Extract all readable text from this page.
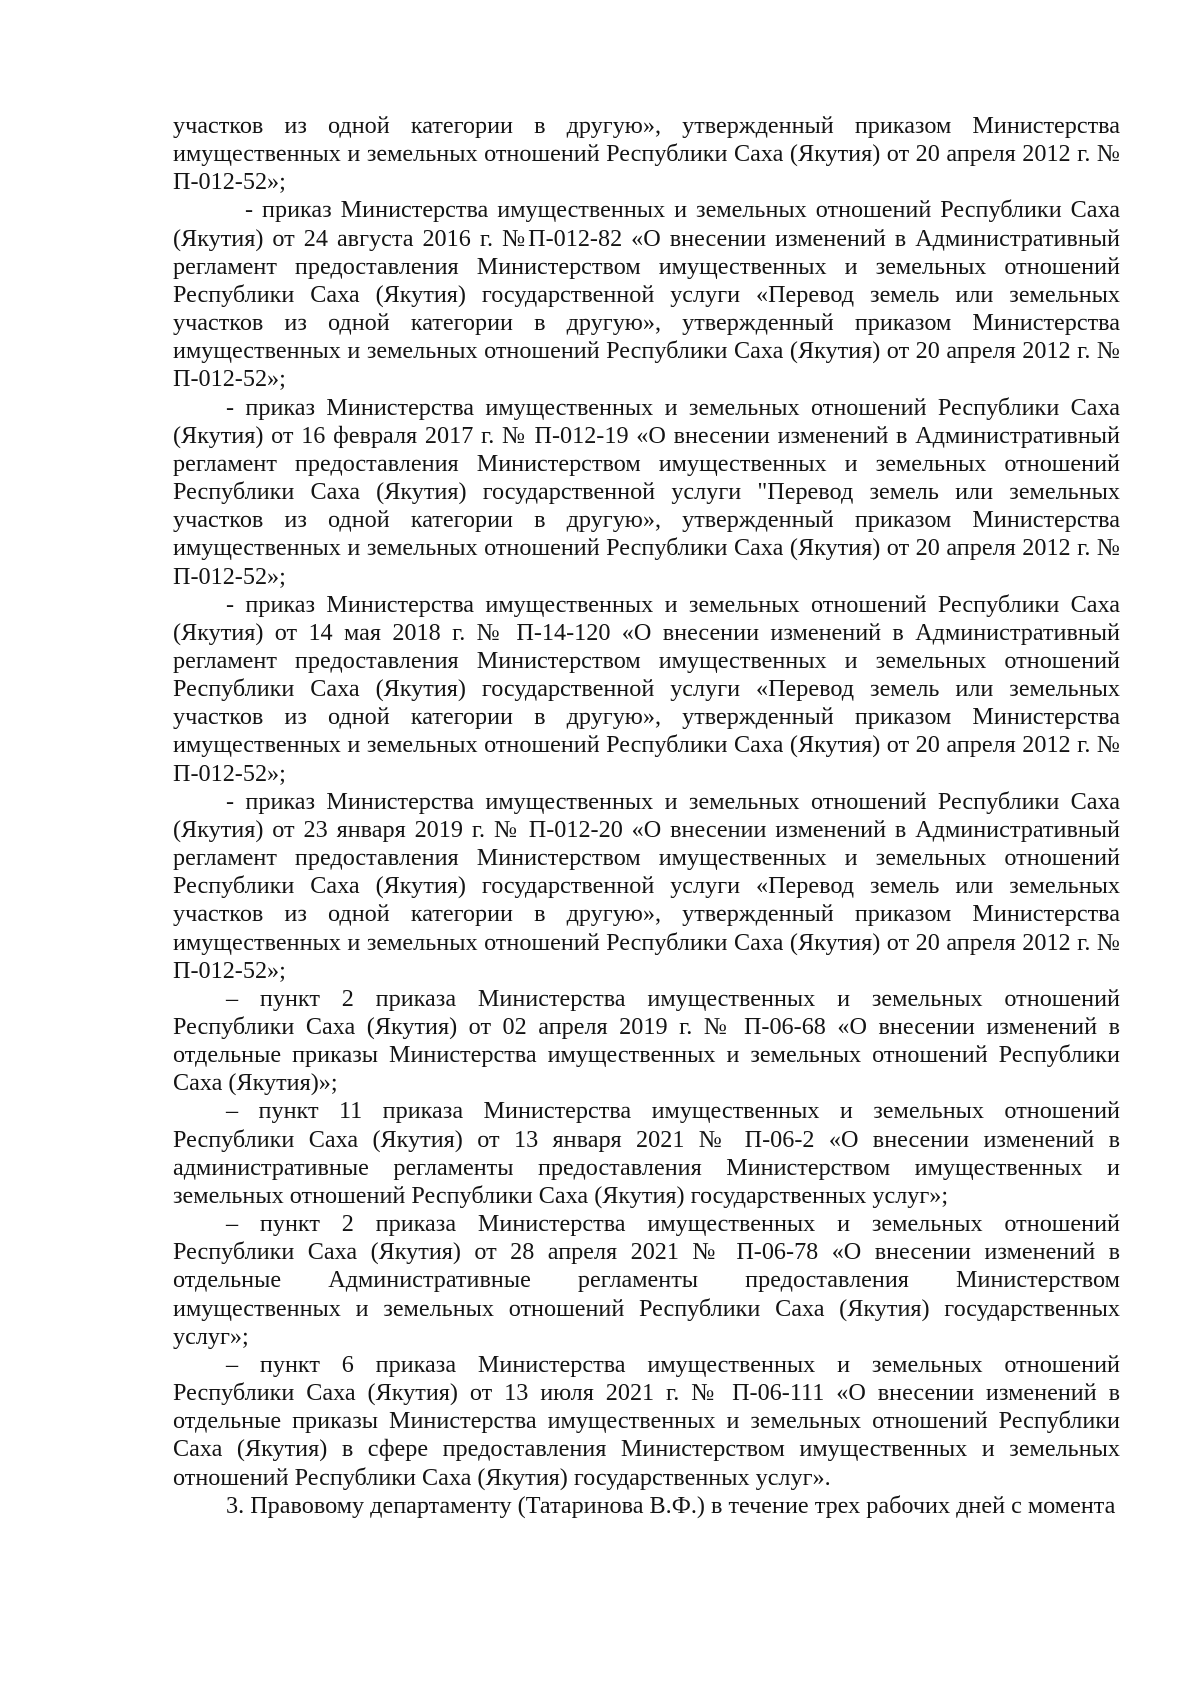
участков из одной категории в другую», утвержденный приказом Министерства имущественных и земельных отношений Республики Саха (Якутия) от 20 апреля 2012 г. № П-012-52»;

- приказ Министерства имущественных и земельных отношений Республики Саха (Якутия) от 24 августа 2016 г. №П-012-82 «О внесении изменений в Административный регламент предоставления Министерством имущественных и земельных отношений Республики Саха (Якутия) государственной услуги «Перевод земель или земельных участков из одной категории в другую», утвержденный приказом Министерства имущественных и земельных отношений Республики Саха (Якутия) от 20 апреля 2012 г. № П-012-52»;

- приказ Министерства имущественных и земельных отношений Республики Саха (Якутия) от 16 февраля 2017 г. № П-012-19 «О внесении изменений в Административный регламент предоставления Министерством имущественных и земельных отношений Республики Саха (Якутия) государственной услуги "Перевод земель или земельных участков из одной категории в другую», утвержденный приказом Министерства имущественных и земельных отношений Республики Саха (Якутия) от 20 апреля 2012 г. № П-012-52»;

- приказ Министерства имущественных и земельных отношений Республики Саха (Якутия) от 14 мая 2018 г. № П-14-120 «О внесении изменений в Административный регламент предоставления Министерством имущественных и земельных отношений Республики Саха (Якутия) государственной услуги «Перевод земель или земельных участков из одной категории в другую», утвержденный приказом Министерства имущественных и земельных отношений Республики Саха (Якутия) от 20 апреля 2012 г. № П-012-52»;

- приказ Министерства имущественных и земельных отношений Республики Саха (Якутия) от 23 января 2019 г. № П-012-20 «О внесении изменений в Административный регламент предоставления Министерством имущественных и земельных отношений Республики Саха (Якутия) государственной услуги «Перевод земель или земельных участков из одной категории в другую», утвержденный приказом Министерства имущественных и земельных отношений Республики Саха (Якутия) от 20 апреля 2012 г. № П-012-52»;

– пункт 2 приказа Министерства имущественных и земельных отношений Республики Саха (Якутия) от 02 апреля 2019 г. № П-06-68 «О внесении изменений в отдельные приказы Министерства имущественных и земельных отношений Республики Саха (Якутия)»;

– пункт 11 приказа Министерства имущественных и земельных отношений Республики Саха (Якутия) от 13 января 2021 № П-06-2 «О внесении изменений в административные регламенты предоставления Министерством имущественных и земельных отношений Республики Саха (Якутия) государственных услуг»;

– пункт 2 приказа Министерства имущественных и земельных отношений Республики Саха (Якутия) от 28 апреля 2021 № П-06-78 «О внесении изменений в отдельные Административные регламенты предоставления Министерством имущественных и земельных отношений Республики Саха (Якутия) государственных услуг»;

– пункт 6 приказа Министерства имущественных и земельных отношений Республики Саха (Якутия) от 13 июля 2021 г. № П-06-111 «О внесении изменений в отдельные приказы Министерства имущественных и земельных отношений Республики Саха (Якутия) в сфере предоставления Министерством имущественных и земельных отношений Республики Саха (Якутия) государственных услуг».

3. Правовому департаменту (Татаринова В.Ф.) в течение трех рабочих дней с момента
